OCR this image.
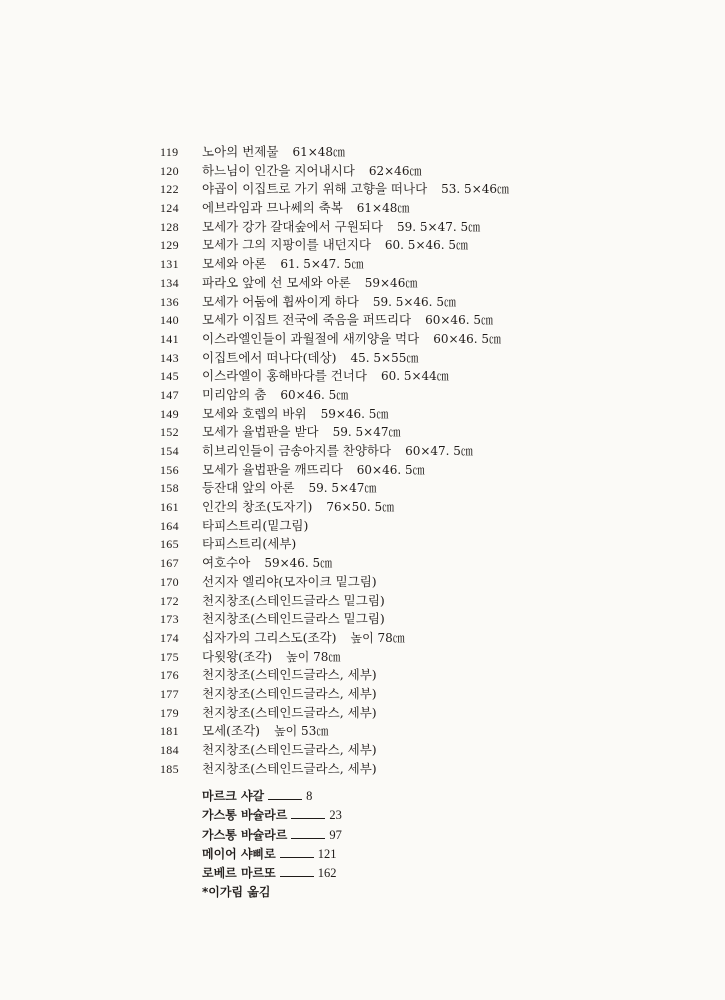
119	노아의 번제물 61×48㎝
120	하느님이 인간을 지어내시다 62×46㎝
122	야곱이 이집트로 가기 위해 고향을 떠나다 53. 5×46㎝
124	에브라임과 므나쎄의 축복 61×48㎝
128	모세가 강가 갈대숲에서 구원되다 59. 5×47. 5㎝
129	모세가 그의 지팡이를 내던지다 60. 5×46. 5㎝
131	모세와 아론 61. 5×47. 5㎝
134	파라오 앞에 선 모세와 아론 59×46㎝
136	모세가 어둠에 휩싸이게 하다 59. 5×46. 5㎝
140	모세가 이집트 전국에 죽음을 퍼뜨리다 60×46. 5㎝
141	이스라엘인들이 과월절에 새끼양을 먹다 60×46. 5㎝
143	이집트에서 떠나다(데상) 45. 5×55㎝
145	이스라엘이 홍해바다를 건너다 60. 5×44㎝
147	미리암의 춤 60×46. 5㎝
149	모세와 호렙의 바위 59×46. 5㎝
152	모세가 율법판을 받다 59. 5×47㎝
154	히브리인들이 금송아지를 찬양하다 60×47. 5㎝
156	모세가 율법판을 깨뜨리다 60×46. 5㎝
158	등잔대 앞의 아론 59. 5×47㎝
161	인간의 창조(도자기) 76×50. 5㎝
164	타피스트리(밑그림)
165	타피스트리(세부)
167	여호수아 59×46. 5㎝
170	선지자 엘리야(모자이크 밑그림)
172	천지창조(스테인드글라스 밑그림)
173	천지창조(스테인드글라스 밑그림)
174	십자가의 그리스도(조각) 높이 78㎝
175	다윗왕(조각) 높이 78㎝
176	천지창조(스테인드글라스, 세부)
177	천지창조(스테인드글라스, 세부)
179	천지창조(스테인드글라스, 세부)
181	모세(조각) 높이 53㎝
184	천지창조(스테인드글라스, 세부)
185	천지창조(스테인드글라스, 세부)
마르크 샤갈	8
가스통 바슐라르	23
가스통 바슐라르	97
메이어 샤삐로	121
로베르 마르또	162
*이가림 옮김
